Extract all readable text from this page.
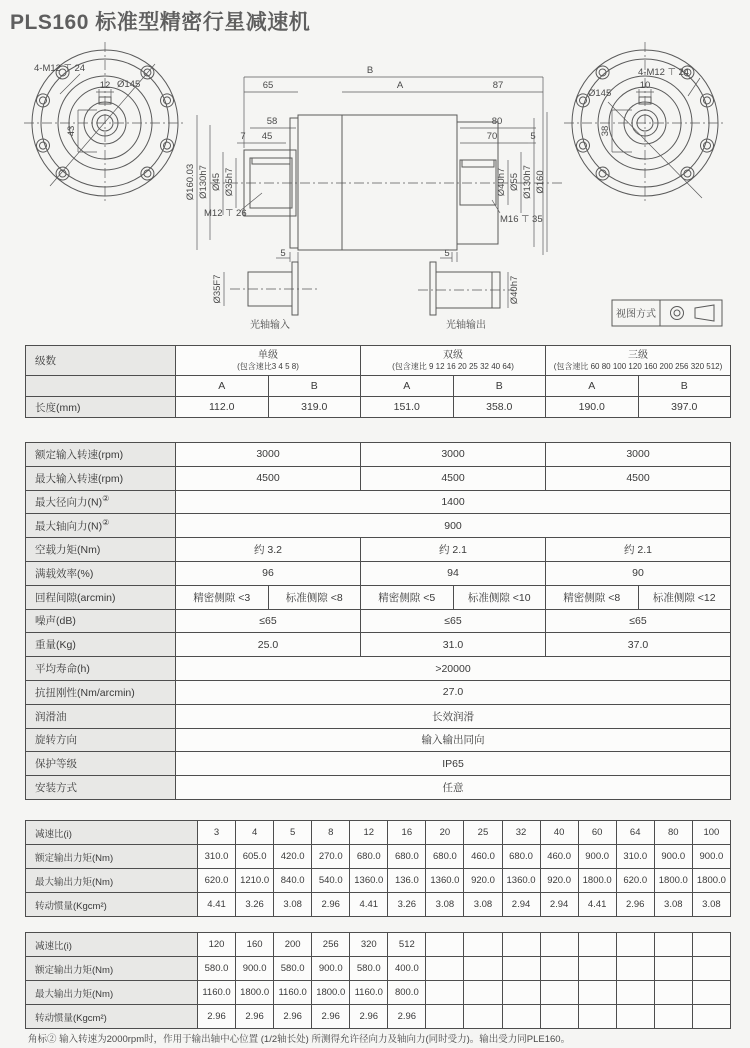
PLS160 标准型精密行星减速机
12
43
4-M12 ⊤ 24
Ø145	10
38
4-M12 ⊤ 24
Ø145
B
A
65	87
58
7 45
80
70	5
Ø160.03 Ø130h7 Ø45 Ø35h7	Ø40h7 Ø55 Ø130h7 Ø160
M12 ⊤ 26
M16 ⊤ 35
5	5
Ø35F7
光轴输入
Ø40h7
光轴输出
视图方式
级数	单级
(包含速比3 4 5 8)

双级
(包含速比 9 12 16 20 25 32 40 64)

三级
(包含速比 60 80 100 120 160 200 256 320 512)

	A	B	A	B	A	B
长度(mm)	112.0	319.0	151.0	358.0	190.0	397.0
额定输入转速(rpm)	3000		3000		3000	
最大输入转速(rpm)	4500		4500		4500	
最大径向力(N)②	1400					
最大轴向力(N)②	900					
空载力矩(Nm)	约 3.2		约 2.1		约 2.1	
满载效率(%)	96		94		90	
回程间隙(arcmin)	精密侧隙 <3	标准侧隙 <8	精密侧隙 <5	标准侧隙 <10	精密侧隙 <8	标准侧隙 <12
噪声(dB)	≤65		≤65		≤65	
重量(Kg)	25.0		31.0		37.0	
平均寿命(h)	>20000					
抗扭刚性(Nm/arcmin)	27.0					
润滑油	长效润滑					
旋转方向	输入输出同向					
保护等级	IP65					
安装方式	任意					
减速比(i)	3	4	5	8	12	16	20	25	32	40	60	64	80	100
额定输出力矩(Nm)	310.0	605.0	420.0	270.0	680.0	680.0	680.0	460.0	680.0	460.0	900.0	310.0	900.0	900.0
最大输出力矩(Nm)	620.0	1210.0	840.0	540.0	1360.0	136.0	1360.0	920.0	1360.0	920.0	1800.0	620.0	1800.0	1800.0
转动惯量(Kgcm²)	4.41	3.26	3.08	2.96	4.41	3.26	3.08	3.08	2.94	2.94	4.41	2.96	3.08	3.08
减速比(i)	120	160	200	256	320	512								
额定输出力矩(Nm)	580.0	900.0	580.0	900.0	580.0	400.0								
最大输出力矩(Nm)	1160.0	1800.0	1160.0	1800.0	1160.0	800.0								
转动惯量(Kgcm²)	2.96	2.96	2.96	2.96	2.96	2.96								
角标② 输入转速为2000rpm时，作用于输出轴中心位置 (1/2轴长处) 所测得允许径向力及轴向力(同时受力)。输出受力同PLE160。
